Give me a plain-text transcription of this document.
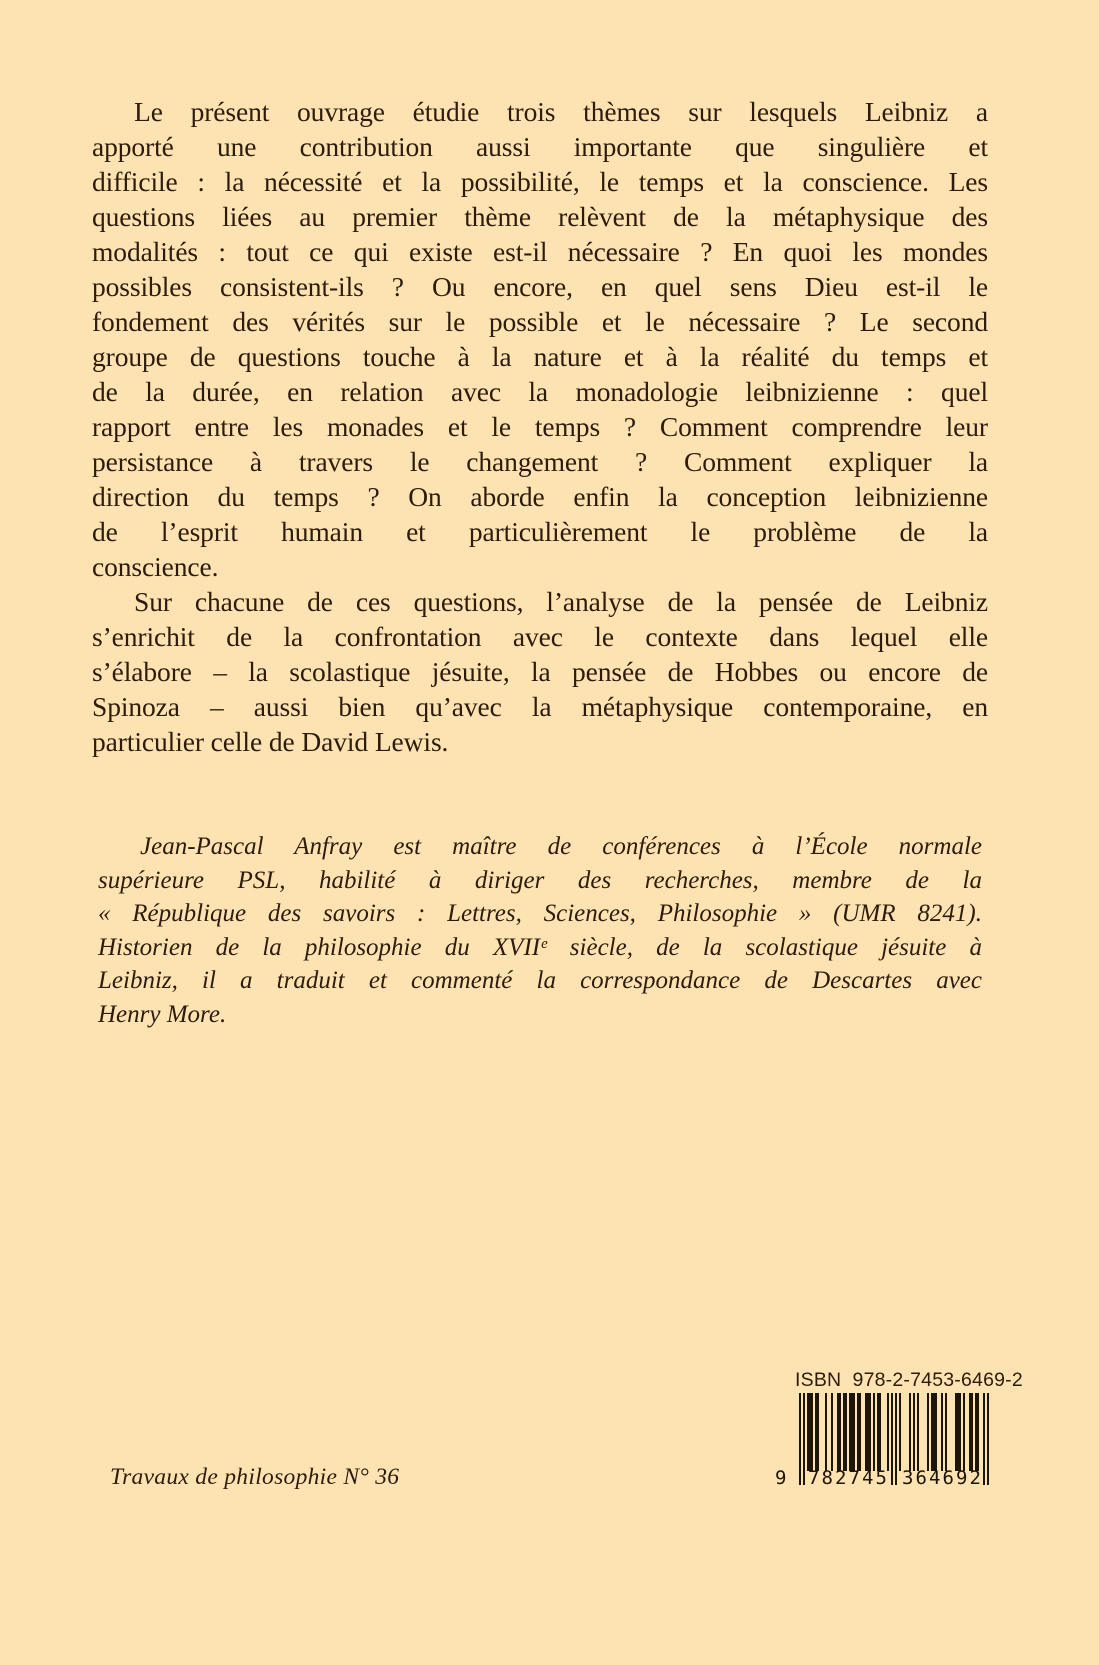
Le présent ouvrage étudie trois thèmes sur lesquels Leibniz a
apporté une contribution aussi importante que singulière et
difficile : la nécessité et la possibilité, le temps et la conscience. Les
questions liées au premier thème relèvent de la métaphysique des
modalités : tout ce qui existe est-il nécessaire ? En quoi les mondes
possibles consistent-ils ? Ou encore, en quel sens Dieu est-il le
fondement des vérités sur le possible et le nécessaire ? Le second
groupe de questions touche à la nature et à la réalité du temps et
de la durée, en relation avec la monadologie leibnizienne : quel
rapport entre les monades et le temps ? Comment comprendre leur
persistance à travers le changement ? Comment expliquer la
direction du temps ? On aborde enfin la conception leibnizienne
de l’esprit humain et particulièrement le problème de la
conscience.
Sur chacune de ces questions, l’analyse de la pensée de Leibniz
s’enrichit de la confrontation avec le contexte dans lequel elle
s’élabore – la scolastique jésuite, la pensée de Hobbes ou encore de
Spinoza – aussi bien qu’avec la métaphysique contemporaine, en
particulier celle de David Lewis.
Jean-Pascal Anfray est maître de conférences à l’École normale
supérieure PSL, habilité à diriger des recherches, membre de la
« République des savoirs : Lettres, Sciences, Philosophie » (UMR 8241).
Historien de la philosophie du XVIIᵉ siècle, de la scolastique jésuite à
Leibniz, il a traduit et commenté la correspondance de Descartes avec
Henry More.
Travaux de philosophie N° 36
ISBN  978-2-7453-6469-2
9 7 8 2 7 4 5 3 6 4 6 9 2
